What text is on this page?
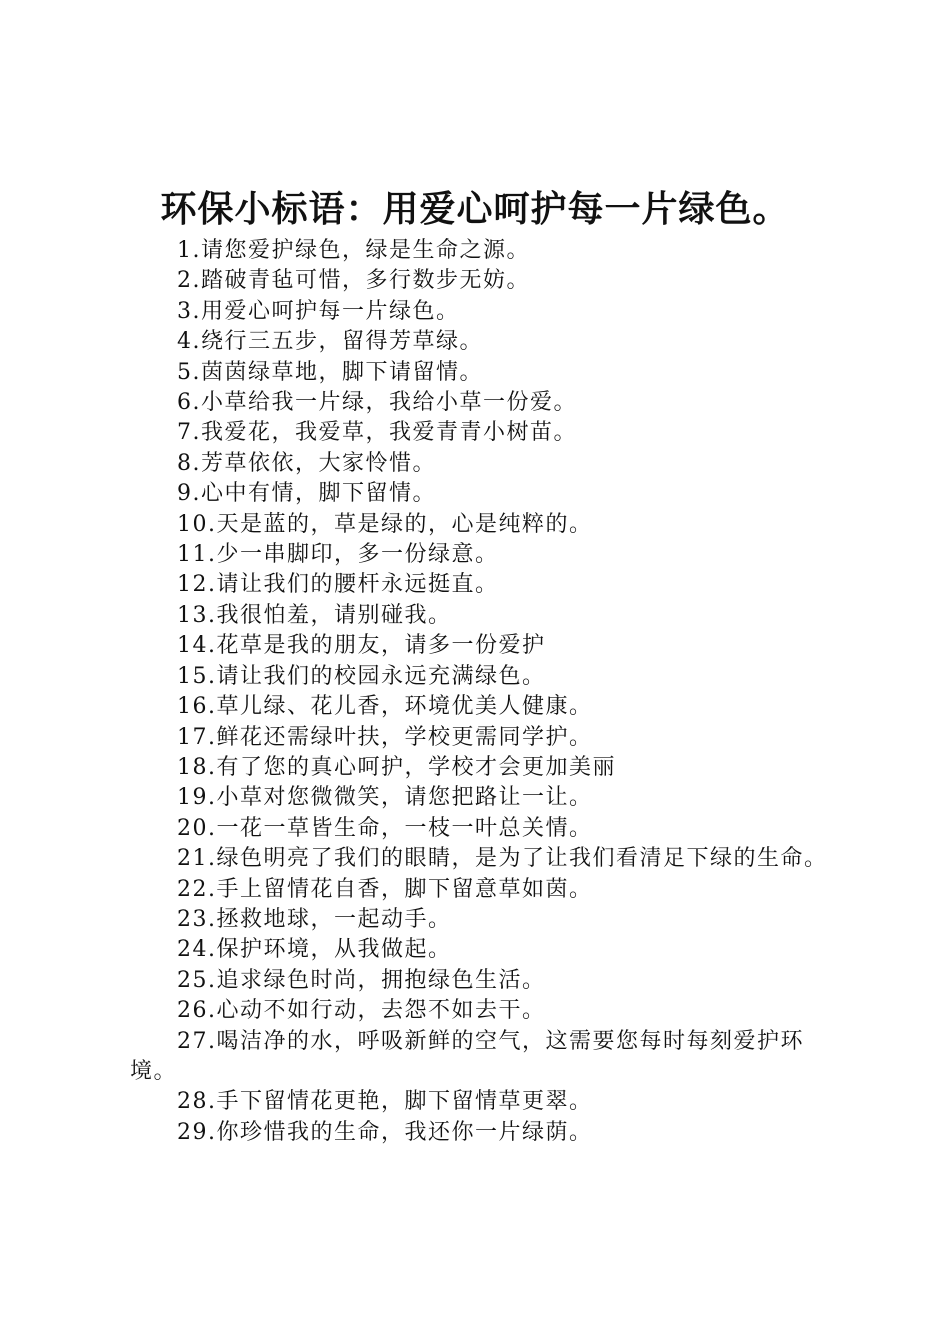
环保小标语：用爱心呵护每一片绿色。
1.请您爱护绿色，绿是生命之源。
2.踏破青毡可惜，多行数步无妨。
3.用爱心呵护每一片绿色。
4.绕行三五步，留得芳草绿。
5.茵茵绿草地，脚下请留情。
6.小草给我一片绿，我给小草一份爱。
7.我爱花，我爱草，我爱青青小树苗。
8.芳草依依，大家怜惜。
9.心中有情，脚下留情。
10.天是蓝的，草是绿的，心是纯粹的。
11.少一串脚印，多一份绿意。
12.请让我们的腰杆永远挺直。
13.我很怕羞，请别碰我。
14.花草是我的朋友，请多一份爱护
15.请让我们的校园永远充满绿色。
16.草儿绿、花儿香，环境优美人健康。
17.鲜花还需绿叶扶，学校更需同学护。
18.有了您的真心呵护，学校才会更加美丽
19.小草对您微微笑，请您把路让一让。
20.一花一草皆生命，一枝一叶总关情。
21.绿色明亮了我们的眼睛，是为了让我们看清足下绿的生命。
22.手上留情花自香，脚下留意草如茵。
23.拯救地球，一起动手。
24.保护环境，从我做起。
25.追求绿色时尚，拥抱绿色生活。
26.心动不如行动，去怨不如去干。
27.喝洁净的水，呼吸新鲜的空气，这需要您每时每刻爱护环境。
28.手下留情花更艳，脚下留情草更翠。
29.你珍惜我的生命，我还你一片绿荫。
